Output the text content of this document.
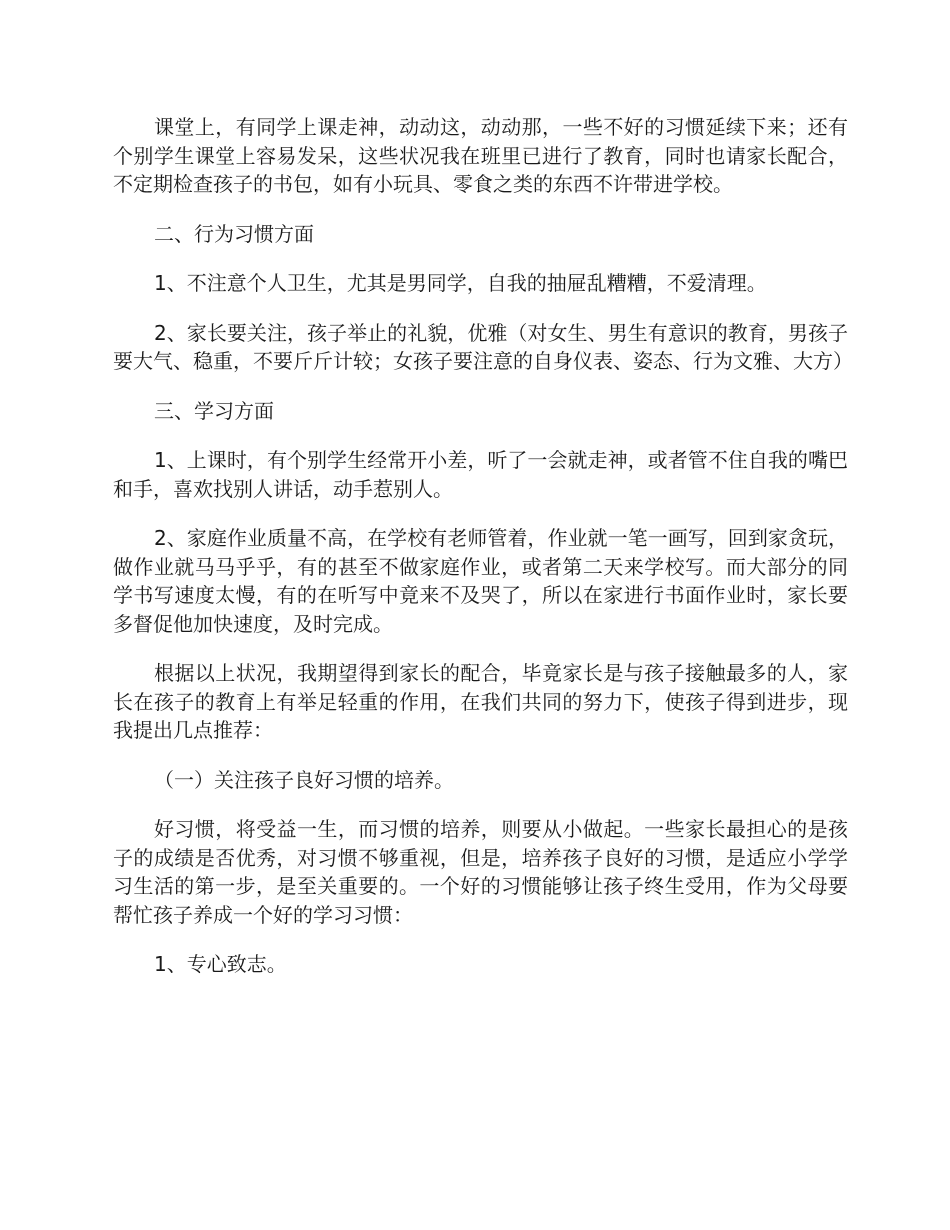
课堂上，有同学上课走神，动动这，动动那，一些不好的习惯延续下来；还有个别学生课堂上容易发呆，这些状况我在班里已进行了教育，同时也请家长配合，不定期检查孩子的书包，如有小玩具、零食之类的东西不许带进学校。

二、行为习惯方面

1、不注意个人卫生，尤其是男同学，自我的抽屉乱糟糟，不爱清理。

2、家长要关注，孩子举止的礼貌，优雅（对女生、男生有意识的教育，男孩子要大气、稳重，不要斤斤计较；女孩子要注意的自身仪表、姿态、行为文雅、大方）

三、学习方面

1、上课时，有个别学生经常开小差，听了一会就走神，或者管不住自我的嘴巴和手，喜欢找别人讲话，动手惹别人。

2、家庭作业质量不高，在学校有老师管着，作业就一笔一画写，回到家贪玩，做作业就马马乎乎，有的甚至不做家庭作业，或者第二天来学校写。而大部分的同学书写速度太慢，有的在听写中竟来不及哭了，所以在家进行书面作业时，家长要多督促他加快速度，及时完成。

根据以上状况，我期望得到家长的配合，毕竟家长是与孩子接触最多的人，家长在孩子的教育上有举足轻重的作用，在我们共同的努力下，使孩子得到进步，现我提出几点推荐：

（一）关注孩子良好习惯的培养。

好习惯，将受益一生，而习惯的培养，则要从小做起。一些家长最担心的是孩子的成绩是否优秀，对习惯不够重视，但是，培养孩子良好的习惯，是适应小学学习生活的第一步，是至关重要的。一个好的习惯能够让孩子终生受用，作为父母要帮忙孩子养成一个好的学习习惯：

1、专心致志。
